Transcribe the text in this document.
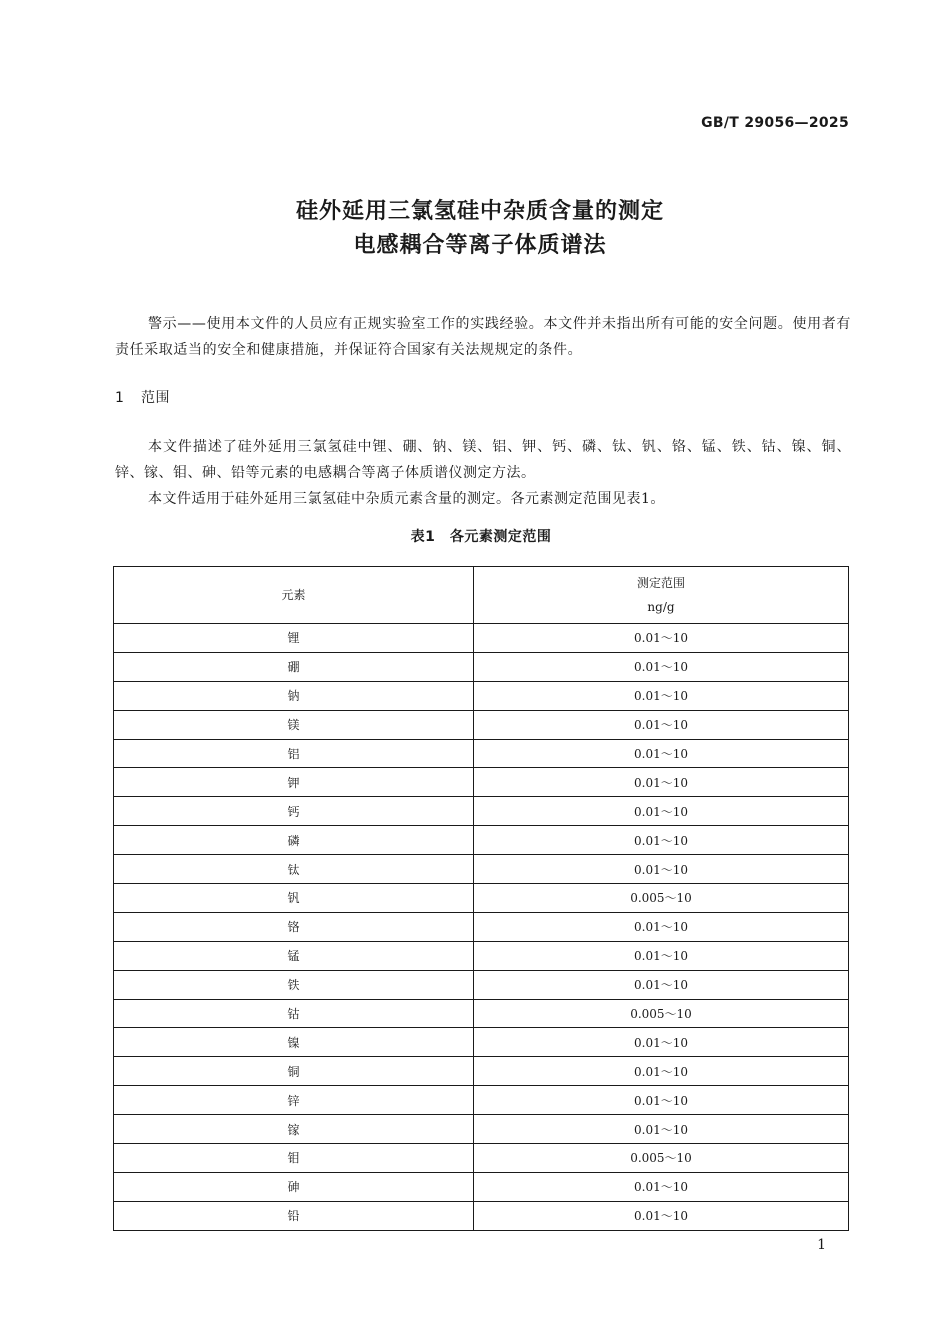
GB/T 29056—2025
硅外延用三氯氢硅中杂质含量的测定
电感耦合等离子体质谱法
警示——使用本文件的人员应有正规实验室工作的实践经验。本文件并未指出所有可能的安全问题。使用者有责任采取适当的安全和健康措施，并保证符合国家有关法规规定的条件。
1 范围
本文件描述了硅外延用三氯氢硅中锂、硼、钠、镁、铝、钾、钙、磷、钛、钒、铬、锰、铁、钴、镍、铜、锌、镓、钼、砷、铅等元素的电感耦合等离子体质谱仪测定方法。
本文件适用于硅外延用三氯氢硅中杂质元素含量的测定。各元素测定范围见表1。
表1　各元素测定范围
元素	测定范围
ng/g

锂	0.01～10
硼	0.01～10
钠	0.01～10
镁	0.01～10
铝	0.01～10
钾	0.01～10
钙	0.01～10
磷	0.01～10
钛	0.01～10
钒	0.005～10
铬	0.01～10
锰	0.01～10
铁	0.01～10
钴	0.005～10
镍	0.01～10
铜	0.01～10
锌	0.01～10
镓	0.01～10
钼	0.005～10
砷	0.01～10
铅	0.01～10
1
